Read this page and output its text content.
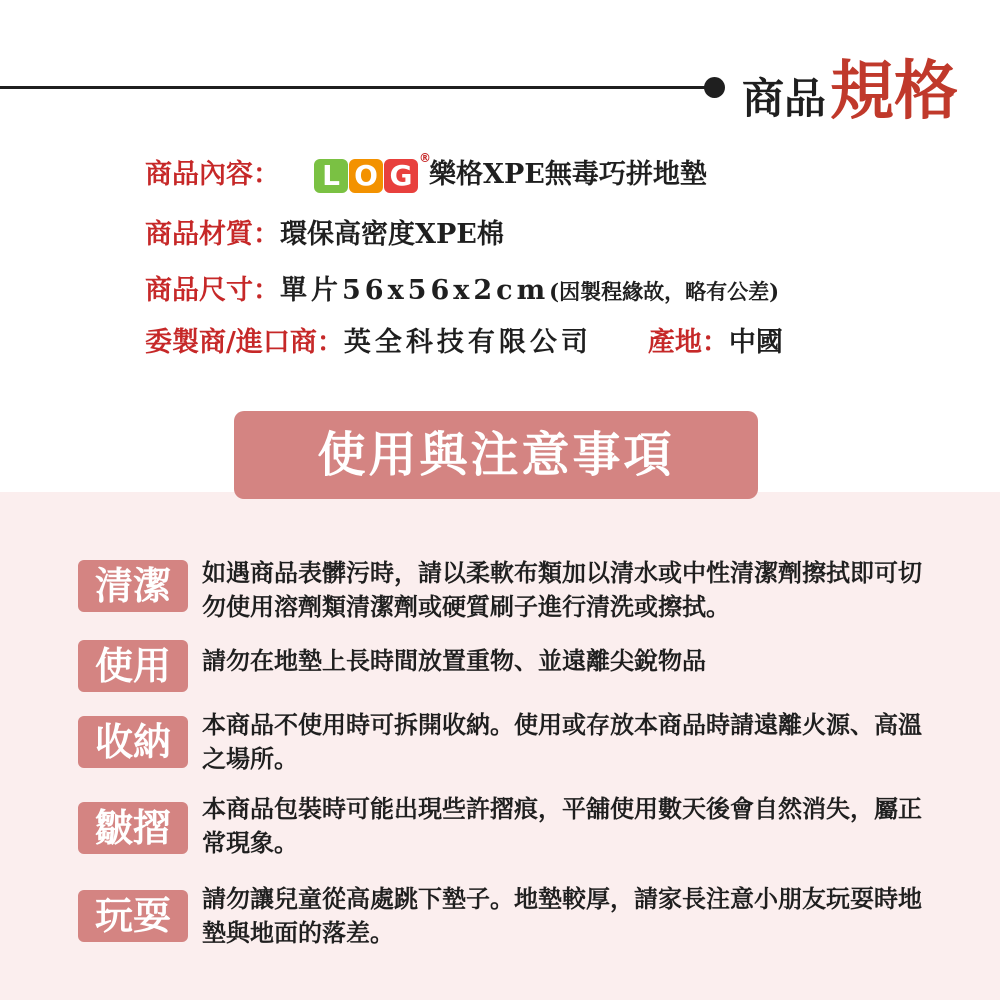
商品規格
商品內容： L O G
®
樂格XPE無毒巧拼地墊
商品材質：環保高密度XPE棉
商品尺寸：單片56x56x2cm(因製程緣故，略有公差)
委製商/進口商：英全科技有限公司 產地：中國
使用與注意事項
清潔	如遇商品表髒污時，請以柔軟布類加以清水或中性清潔劑擦拭即可切勿使用溶劑類清潔劑或硬質刷子進行清洗或擦拭。
使用	請勿在地墊上長時間放置重物、並遠離尖銳物品
收納	本商品不使用時可拆開收納。使用或存放本商品時請遠離火源、高溫之場所。
皺摺	本商品包裝時可能出現些許摺痕，平舖使用數天後會自然消失，屬正常現象。
玩耍	請勿讓兒童從高處跳下墊子。地墊較厚，請家長注意小朋友玩耍時地墊與地面的落差。
